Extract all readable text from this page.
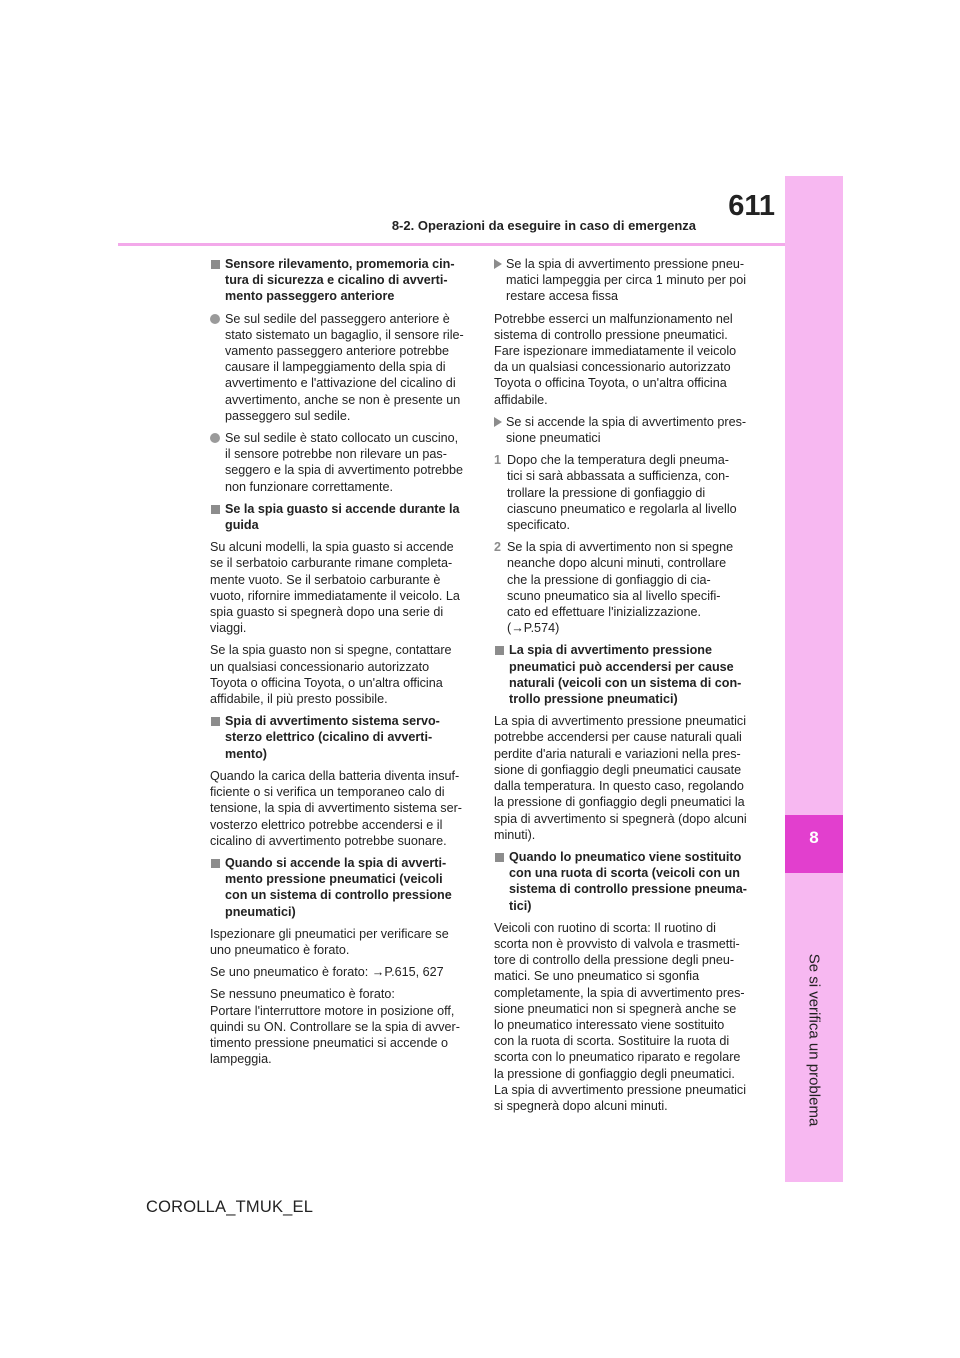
8
Se si verifica un problema
611
8-2. Operazioni da eseguire in caso di emergenza
Sensore rilevamento, promemoria cin-
tura di sicurezza e cicalino di avverti-
mento passeggero anteriore
Se sul sedile del passeggero anteriore è
stato sistemato un bagaglio, il sensore rile-
vamento passeggero anteriore potrebbe
causare il lampeggiamento della spia di
avvertimento e l'attivazione del cicalino di
avvertimento, anche se non è presente un
passeggero sul sedile.
Se sul sedile è stato collocato un cuscino,
il sensore potrebbe non rilevare un pas-
seggero e la spia di avvertimento potrebbe
non funzionare correttamente.
Se la spia guasto si accende durante la
guida
Su alcuni modelli, la spia guasto si accende
se il serbatoio carburante rimane completa-
mente vuoto. Se il serbatoio carburante è
vuoto, rifornire immediatamente il veicolo. La
spia guasto si spegnerà dopo una serie di
viaggi.
Se la spia guasto non si spegne, contattare
un qualsiasi concessionario autorizzato
Toyota o officina Toyota, o un'altra officina
affidabile, il più presto possibile.
Spia di avvertimento sistema servo-
sterzo elettrico (cicalino di avverti-
mento)
Quando la carica della batteria diventa insuf-
ficiente o si verifica un temporaneo calo di
tensione, la spia di avvertimento sistema ser-
vosterzo elettrico potrebbe accendersi e il
cicalino di avvertimento potrebbe suonare.
Quando si accende la spia di avverti-
mento pressione pneumatici (veicoli
con un sistema di controllo pressione
pneumatici)
Ispezionare gli pneumatici per verificare se
uno pneumatico è forato.
Se uno pneumatico è forato: →P.615, 627
Se nessuno pneumatico è forato:
Portare l'interruttore motore in posizione off,
quindi su ON. Controllare se la spia di avver-
timento pressione pneumatici si accende o
lampeggia.
Se la spia di avvertimento pressione pneu-
matici lampeggia per circa 1 minuto per poi
restare accesa fissa
Potrebbe esserci un malfunzionamento nel
sistema di controllo pressione pneumatici.
Fare ispezionare immediatamente il veicolo
da un qualsiasi concessionario autorizzato
Toyota o officina Toyota, o un'altra officina
affidabile.
Se si accende la spia di avvertimento pres-
sione pneumatici
1 Dopo che la temperatura degli pneuma-
tici si sarà abbassata a sufficienza, con-
trollare la pressione di gonfiaggio di
ciascuno pneumatico e regolarla al livello
specificato.
2 Se la spia di avvertimento non si spegne
neanche dopo alcuni minuti, controllare
che la pressione di gonfiaggio di cia-
scuno pneumatico sia al livello specifi-
cato ed effettuare l'inizializzazione.
(→P.574)
La spia di avvertimento pressione
pneumatici può accendersi per cause
naturali (veicoli con un sistema di con-
trollo pressione pneumatici)
La spia di avvertimento pressione pneumatici
potrebbe accendersi per cause naturali quali
perdite d'aria naturali e variazioni nella pres-
sione di gonfiaggio degli pneumatici causate
dalla temperatura. In questo caso, regolando
la pressione di gonfiaggio degli pneumatici la
spia di avvertimento si spegnerà (dopo alcuni
minuti).
Quando lo pneumatico viene sostituito
con una ruota di scorta (veicoli con un
sistema di controllo pressione pneuma-
tici)
Veicoli con ruotino di scorta: Il ruotino di
scorta non è provvisto di valvola e trasmetti-
tore di controllo della pressione degli pneu-
matici. Se uno pneumatico si sgonfia
completamente, la spia di avvertimento pres-
sione pneumatici non si spegnerà anche se
lo pneumatico interessato viene sostituito
con la ruota di scorta. Sostituire la ruota di
scorta con lo pneumatico riparato e regolare
la pressione di gonfiaggio degli pneumatici.
La spia di avvertimento pressione pneumatici
si spegnerà dopo alcuni minuti.
COROLLA_TMUK_EL
